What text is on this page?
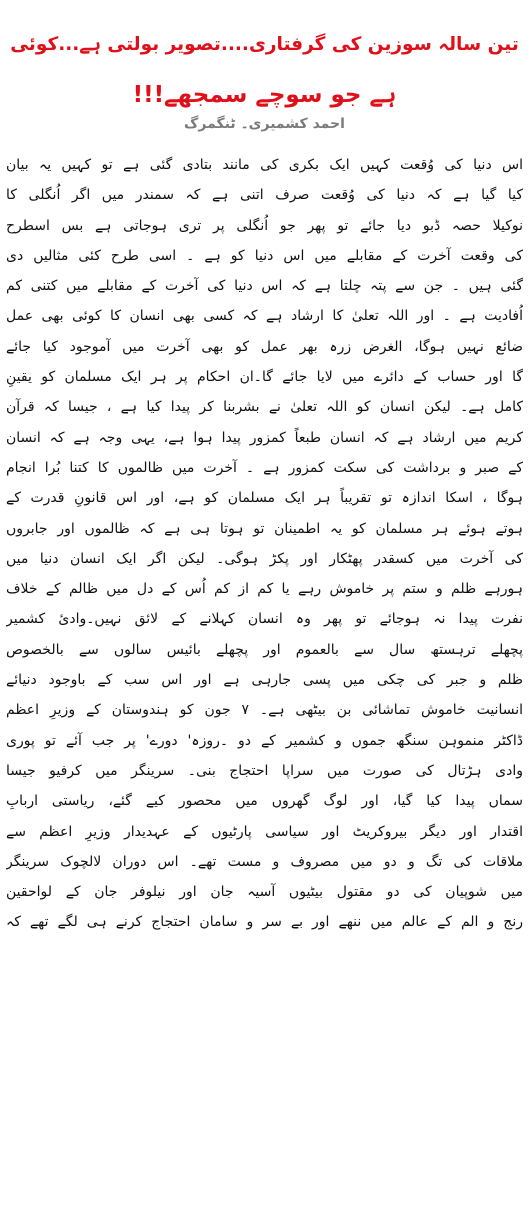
تین سالہ سوزین کی گرفتاری....تصویر بولتی ہے...کوئی
ہے جو سوچے سمجھے!!!
احمد کشمیری۔ ٹنگمرگ
اس دنیا کی وُقعت کہیں ایک بکری کی مانند بتادی گئی ہے تو کہیں یہ بیان
کیا گیا ہے کہ دنیا کی وُقعت صرف اتنی ہے کہ سمندر میں اگر اُنگلی کا
نوکیلا حصہ ڈبو دیا جائے تو پھر جو اُنگلی پر تری ہوجاتی ہے بس اسطرح
کی وقعت آخرت کے مقابلے میں اس دنیا کو ہے ۔ اسی طرح کئی مثالیں دی
گئی ہیں ۔ جن سے پتہ چلتا ہے کہ اس دنیا کی آخرت کے مقابلے میں کتنی کم
اُفادیت ہے ۔ اور اللہ تعلیٰ کا ارشاد ہے کہ کسی بھی انسان کا کوئی بھی عمل
ضائع نہیں ہوگا، الغرض زرہ بھر عمل کو بھی آخرت میں آموجود کیا جائے
گا اور حساب کے دائرے میں لایا جائے گا۔ان احکام پر ہر ایک مسلمان کو یقینِ
کامل ہے۔ لیکن انسان کو اللہ تعلیٰ نے بشربنا کر پیدا کیا ہے ، جیسا کہ قرآن
کریم میں ارشاد ہے کہ انسان طبعاً کمزور پیدا ہوا ہے، یہی وجہ ہے کہ انسان
کے صبر و برداشت کی سکت کمزور ہے ۔ آخرت میں ظالموں کا کتنا بُرا انجام
ہوگا ، اسکا اندازہ تو تقریباً ہر ایک مسلمان کو ہے، اور اس قانونِ قدرت کے
ہوتے ہوئے ہر مسلمان کو یہ اطمینان تو ہوتا ہی ہے کہ ظالموں اور جابروں
کی آخرت میں کسقدر پھٹکار اور پکڑ ہوگی۔ لیکن اگر ایک انسان دنیا میں
ہورہے ظلم و ستم پر خاموش رہے یا کم از کم اُس کے دل میں ظالم کے خلاف
نفرت پیدا نہ ہوجائے تو پھر وہ انسان کہلانے کے لائق نہیں۔وادیٔ کشمیر
پچھلے ترہستھ سال سے بالعموم اور پچھلے بائیس سالوں سے بالخصوص
ظلم و جبر کی چکی میں پسی جارہی ہے اور اس سب کے باوجود دنیائے
انسانیت خاموش تماشائی بن بیٹھی ہے۔ ۷ جون کو ہندوستان کے وزیرِ اعظم
ڈاکٹر منموہن سنگھ جموں و کشمیر کے دو ۔روزہ' دورے' پر جب آئے تو پوری
وادی ہڑتال کی صورت میں سراپا احتجاج بنی۔ سرینگر میں کرفیو جیسا
سماں پیدا کیا گیا، اور لوگ گھروں میں محصور کیے گئے، ریاستی اربابِ
اقتدار اور دیگر بیروکریٹ اور سیاسی پارٹیوں کے عہدیدار وزیرِ اعظم سے
ملاقات کی تگ و دو میں مصروف و مست تھے۔ اس دوران لالچوک سرینگر
میں شوپیان کی دو مقتول بیٹیوں آسیہ جان اور نیلوفر جان کے لواحقین
رنج و الم کے عالم میں ننھے اور بے سر و سامان احتجاج کرنے ہی لگے تھے کہ
